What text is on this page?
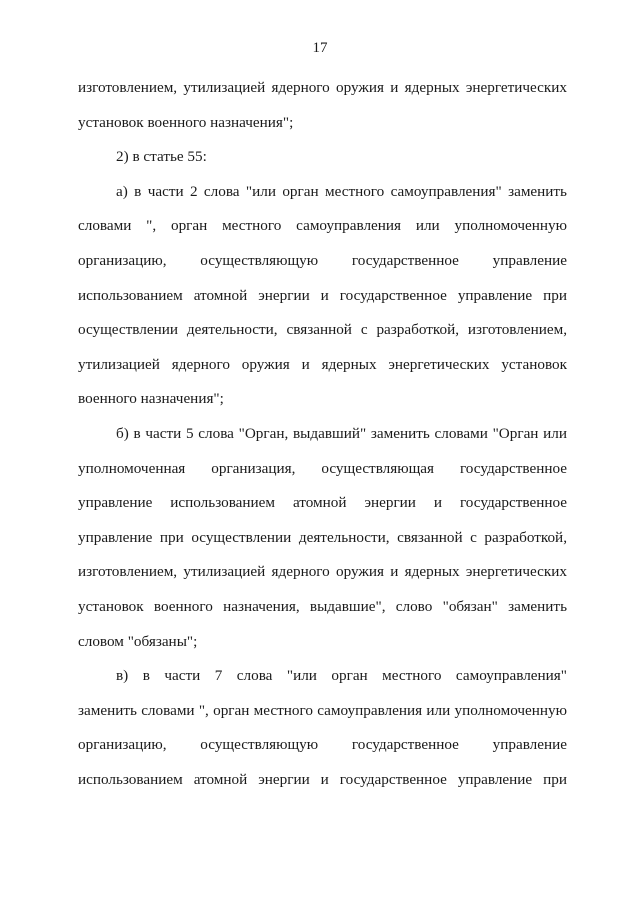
17
изготовлением, утилизацией ядерного оружия и ядерных энергетических
установок военного назначения";
2) в статье 55:
а) в части 2 слова "или орган местного самоуправления" заменить
словами ", орган местного самоуправления или уполномоченную
организацию, осуществляющую государственное управление
использованием атомной энергии и государственное управление при
осуществлении деятельности, связанной с разработкой, изготовлением,
утилизацией ядерного оружия и ядерных энергетических установок
военного назначения";
б) в части 5 слова "Орган, выдавший" заменить словами "Орган или
уполномоченная организация, осуществляющая государственное
управление использованием атомной энергии и государственное
управление при осуществлении деятельности, связанной с разработкой,
изготовлением, утилизацией ядерного оружия и ядерных энергетических
установок военного назначения, выдавшие", слово "обязан" заменить
словом "обязаны";
в) в части 7 слова "или орган местного самоуправления"
заменить словами ", орган местного самоуправления или уполномоченную
организацию, осуществляющую государственное управление
использованием атомной энергии и государственное управление при
